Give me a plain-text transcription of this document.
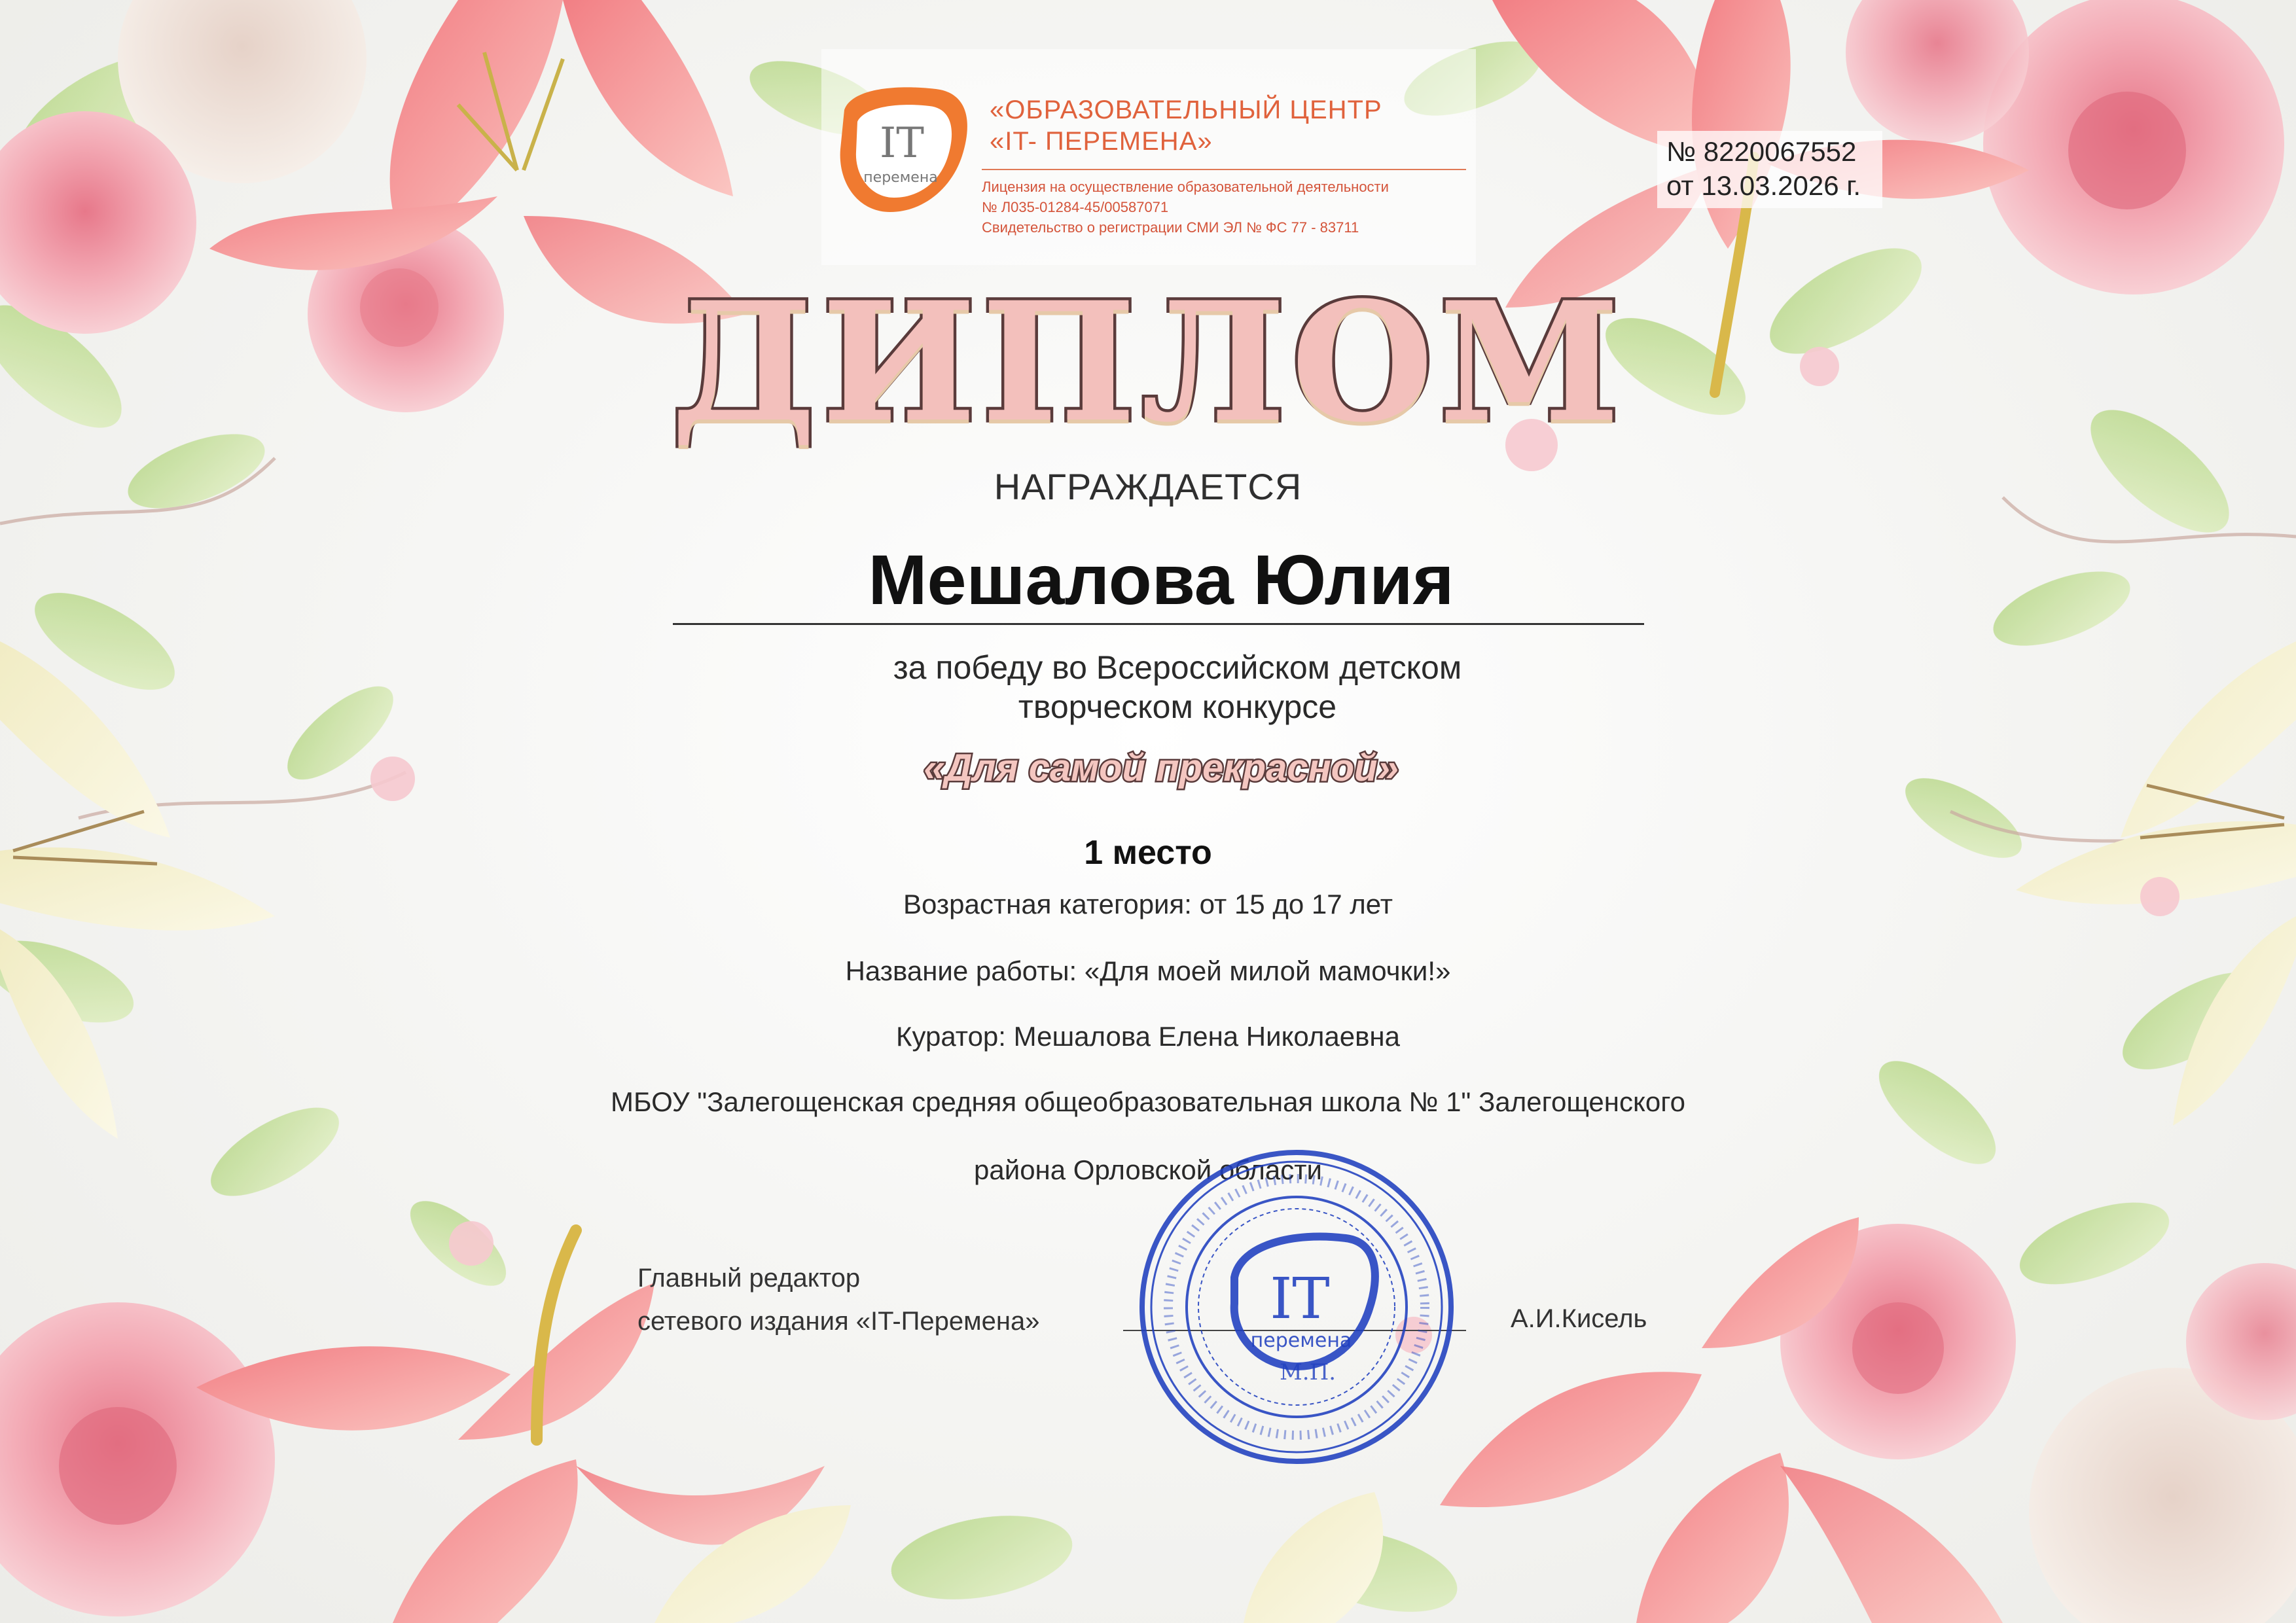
IT
перемена
«ОБРАЗОВАТЕЛЬНЫЙ ЦЕНТР
«IT- ПЕРЕМЕНА»
Лицензия на осуществление образовательной деятельности
№ Л035-01284-45/00587071
Свидетельство о регистрации СМИ ЭЛ № ФС 77 - 83711
№ 8220067552
от 13.03.2026 г.
ДИПЛОМ
НАГРАЖДАЕТСЯ
Мешалова Юлия
за победу во Всероссийском детском
творческом конкурсе
«Для самой прекрасной»
1 место
Возрастная категория: от 15 до 17 лет
Название работы: «Для моей милой мамочки!»
Куратор: Мешалова Елена Николаевна
МБОУ "Залегощенская средняя общеобразовательная школа № 1" Залегощенского
района Орловской области
Главный редактор
сетевого издания «IT-Перемена»	А.И.Кисель
IT
перемена
М.П.
